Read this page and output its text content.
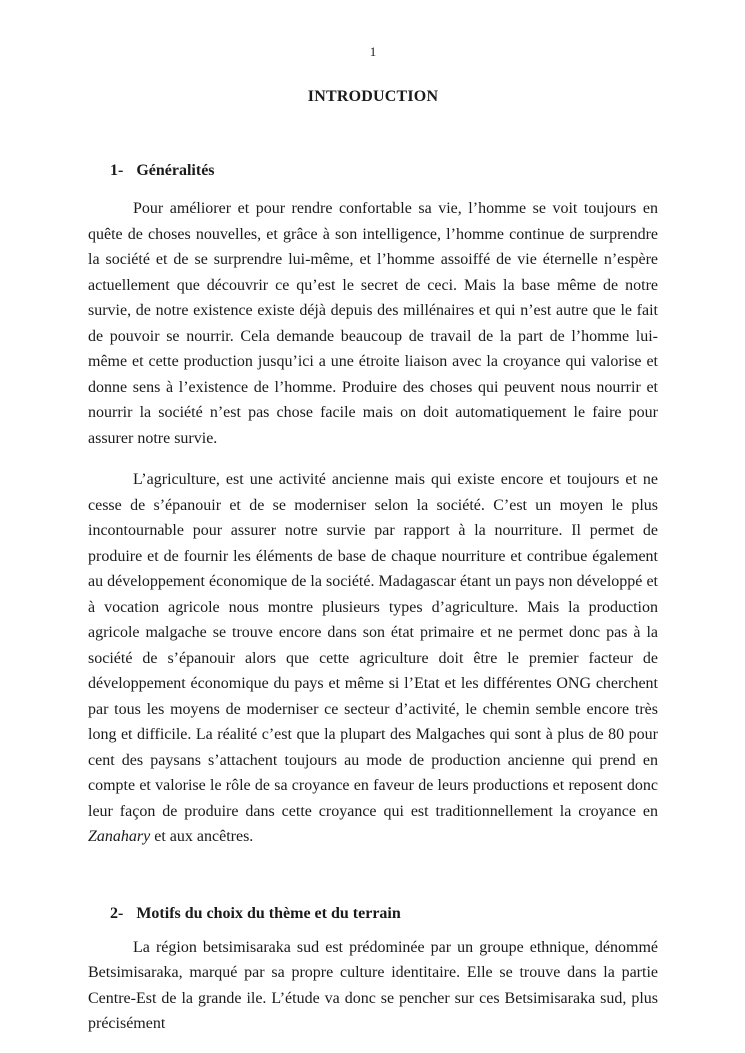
1
INTRODUCTION
1- Généralités

Pour améliorer et pour rendre confortable sa vie, l’homme se voit toujours en quête de choses nouvelles, et grâce à son intelligence, l’homme continue de surprendre la société et de se surprendre lui-même, et l’homme assoiffé de vie éternelle n’espère actuellement que découvrir ce qu’est le secret de ceci. Mais la base même de notre survie, de notre existence existe déjà depuis des millénaires et qui n’est autre que le fait de pouvoir se nourrir. Cela demande beaucoup de travail de la part de l’homme lui-même et cette production jusqu’ici a une étroite liaison avec la croyance qui valorise et donne sens à l’existence de l’homme. Produire des choses qui peuvent nous nourrir et nourrir la société n’est pas chose facile mais on doit automatiquement le faire pour assurer notre survie.

L’agriculture, est une activité ancienne mais qui existe encore et toujours et ne cesse de s’épanouir et de se moderniser selon la société. C’est un moyen le plus incontournable pour assurer notre survie par rapport à la nourriture. Il permet de produire et de fournir les éléments de base de chaque nourriture et contribue également au développement économique de la société. Madagascar étant un pays non développé et à vocation agricole nous montre plusieurs types d’agriculture. Mais la production agricole malgache se trouve encore dans son état primaire et ne permet donc pas à la société de s’épanouir alors que cette agriculture doit être le premier facteur de développement économique du pays et même si l’Etat et les différentes ONG cherchent par tous les moyens de moderniser ce secteur d’activité, le chemin semble encore très long et difficile. La réalité c’est que la plupart des Malgaches qui sont à plus de 80 pour cent des paysans s’attachent toujours au mode de production ancienne qui prend en compte et valorise le rôle de sa croyance en faveur de leurs productions et reposent donc leur façon de produire dans cette croyance qui est traditionnellement la croyance en Zanahary et aux ancêtres.

2- Motifs du choix du thème et du terrain

La région betsimisaraka sud est prédominée par un groupe ethnique, dénommé Betsimisaraka, marqué par sa propre culture identitaire. Elle se trouve dans la partie Centre-Est de la grande ile. L’étude va donc se pencher sur ces Betsimisaraka sud, plus précisément
